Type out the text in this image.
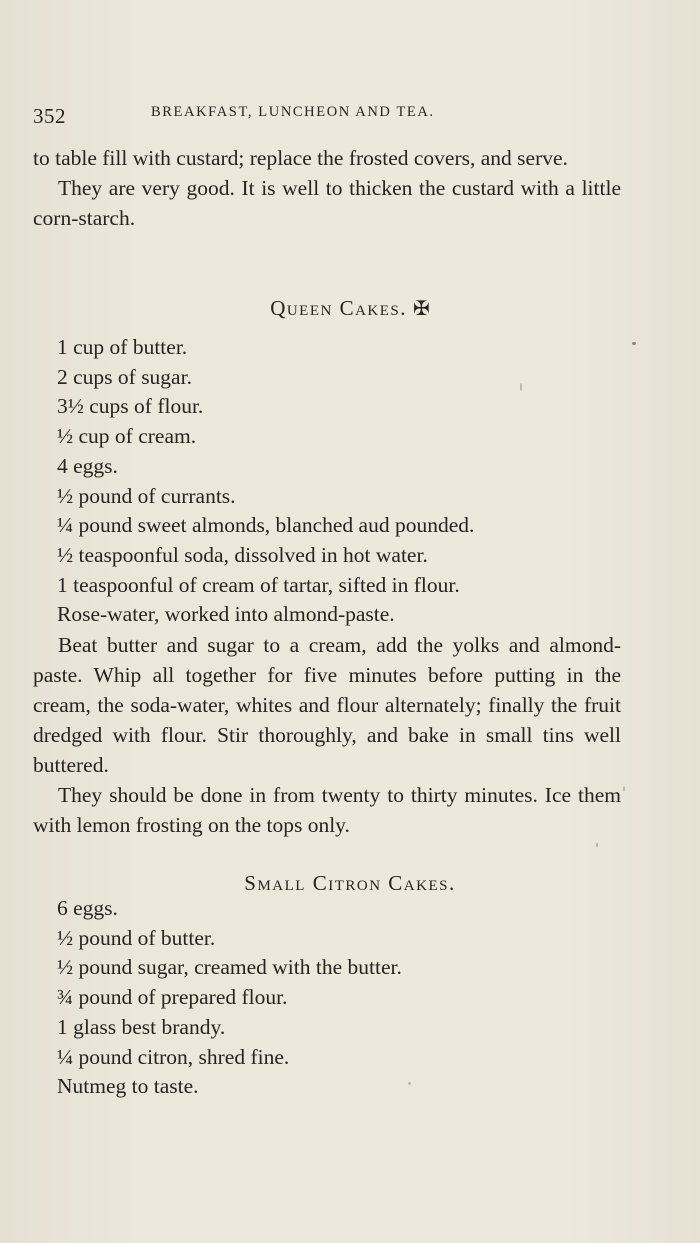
352	BREAKFAST, LUNCHEON AND TEA.

to table fill with custard; replace the frosted covers, and serve.

They are very good. It is well to thicken the custard with a little corn-starch.

Queen Cakes. ✠
1 cup of butter.
2 cups of sugar.
3½ cups of flour.
½ cup of cream.
4 eggs.
½ pound of currants.
¼ pound sweet almonds, blanched aud pounded.
½ teaspoonful soda, dissolved in hot water.
1 teaspoonful of cream of tartar, sifted in flour.
Rose-water, worked into almond-paste.

Beat butter and sugar to a cream, add the yolks and almond-paste. Whip all together for five minutes before putting in the cream, the soda-water, whites and flour alternately; finally the fruit dredged with flour. Stir thoroughly, and bake in small tins well buttered.

They should be done in from twenty to thirty minutes. Ice them with lemon frosting on the tops only.

Small Citron Cakes.
6 eggs.
½ pound of butter.
½ pound sugar, creamed with the butter.
¾ pound of prepared flour.
1 glass best brandy.
¼ pound citron, shred fine.
Nutmeg to taste.
